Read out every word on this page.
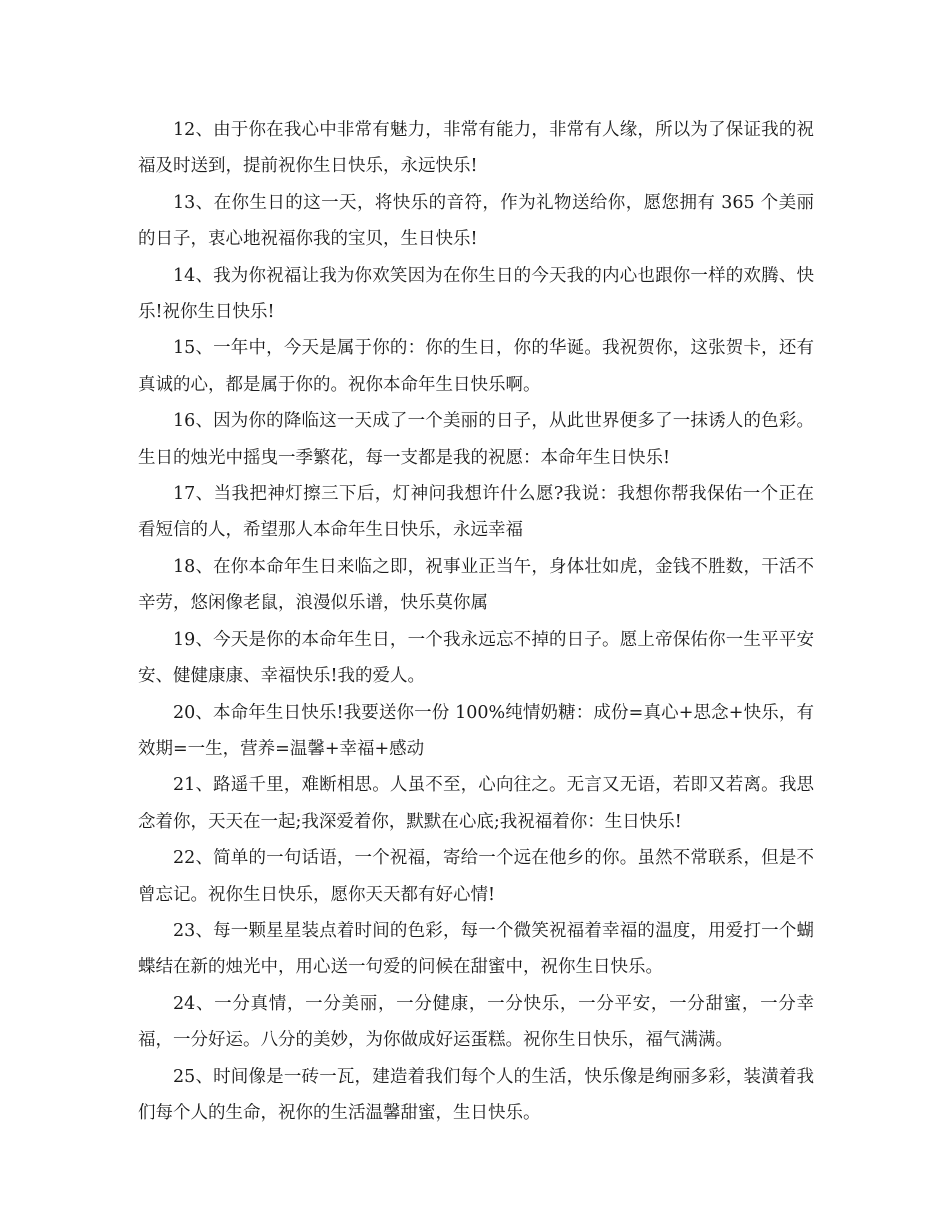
12、由于你在我心中非常有魅力，非常有能力，非常有人缘，所以为了保证我的祝福及时送到，提前祝你生日快乐，永远快乐!

13、在你生日的这一天，将快乐的音符，作为礼物送给你，愿您拥有 365 个美丽的日子，衷心地祝福你我的宝贝，生日快乐!

14、我为你祝福让我为你欢笑因为在你生日的今天我的内心也跟你一样的欢腾、快乐!祝你生日快乐!

15、一年中，今天是属于你的：你的生日，你的华诞。我祝贺你，这张贺卡，还有真诚的心，都是属于你的。祝你本命年生日快乐啊。

16、因为你的降临这一天成了一个美丽的日子，从此世界便多了一抹诱人的色彩。生日的烛光中摇曳一季繁花，每一支都是我的祝愿：本命年生日快乐!

17、当我把神灯擦三下后，灯神问我想许什么愿?我说：我想你帮我保佑一个正在看短信的人，希望那人本命年生日快乐，永远幸福

18、在你本命年生日来临之即，祝事业正当午，身体壮如虎，金钱不胜数，干活不辛劳，悠闲像老鼠，浪漫似乐谱，快乐莫你属

19、今天是你的本命年生日，一个我永远忘不掉的日子。愿上帝保佑你一生平平安安、健健康康、幸福快乐!我的爱人。

20、本命年生日快乐!我要送你一份 100%纯情奶糖：成份=真心+思念+快乐，有效期=一生，营养=温馨+幸福+感动

21、路遥千里，难断相思。人虽不至，心向往之。无言又无语，若即又若离。我思念着你，天天在一起;我深爱着你，默默在心底;我祝福着你：生日快乐!

22、简单的一句话语，一个祝福，寄给一个远在他乡的你。虽然不常联系，但是不曾忘记。祝你生日快乐，愿你天天都有好心情!

23、每一颗星星装点着时间的色彩，每一个微笑祝福着幸福的温度，用爱打一个蝴蝶结在新的烛光中，用心送一句爱的问候在甜蜜中，祝你生日快乐。

24、一分真情，一分美丽，一分健康，一分快乐，一分平安，一分甜蜜，一分幸福，一分好运。八分的美妙，为你做成好运蛋糕。祝你生日快乐，福气满满。

25、时间像是一砖一瓦，建造着我们每个人的生活，快乐像是绚丽多彩，装潢着我们每个人的生命，祝你的生活温馨甜蜜，生日快乐。
